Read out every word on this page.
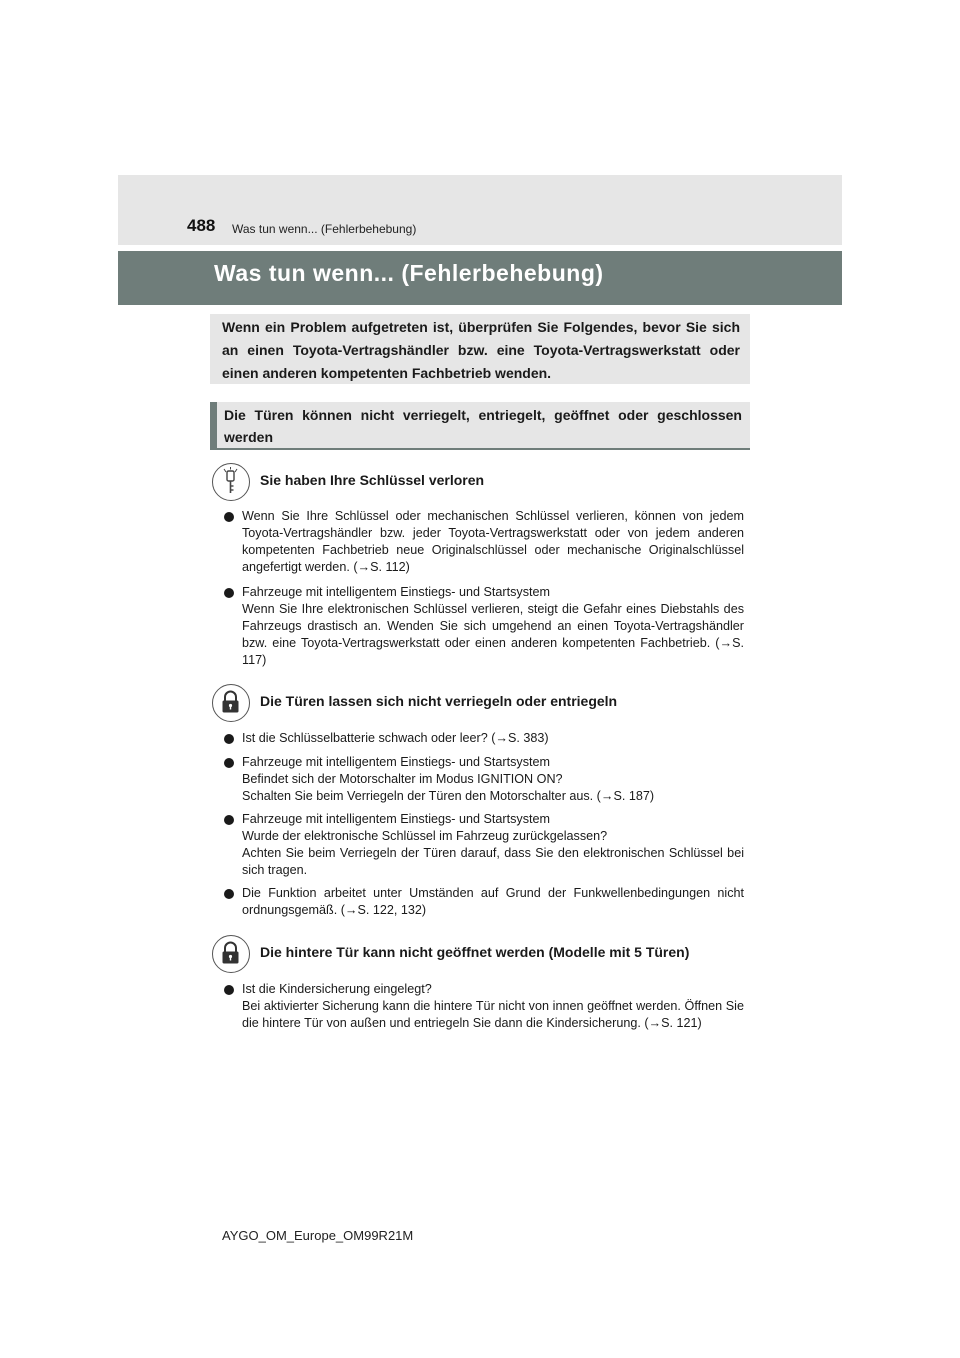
488 Was tun wenn... (Fehlerbehebung)
Was tun wenn... (Fehlerbehebung)
Wenn ein Problem aufgetreten ist, überprüfen Sie Folgendes, bevor Sie sich an einen Toyota-Vertragshändler bzw. eine Toyota-Vertragswerkstatt oder einen anderen kompetenten Fachbetrieb wenden.
Die Türen können nicht verriegelt, entriegelt, geöffnet oder geschlossen werden
Sie haben Ihre Schlüssel verloren
Wenn Sie Ihre Schlüssel oder mechanischen Schlüssel verlieren, können von jedem Toyota-Vertragshändler bzw. jeder Toyota-Vertragswerkstatt oder von jedem anderen kompetenten Fachbetrieb neue Originalschlüssel oder mechanische Originalschlüssel angefertigt werden. (→S. 112)
Fahrzeuge mit intelligentem Einstiegs- und Startsystem
Wenn Sie Ihre elektronischen Schlüssel verlieren, steigt die Gefahr eines Diebstahls des Fahrzeugs drastisch an. Wenden Sie sich umgehend an einen Toyota-Vertragshändler bzw. eine Toyota-Vertragswerkstatt oder einen anderen kompetenten Fachbetrieb. (→S. 117)
Die Türen lassen sich nicht verriegeln oder entriegeln
Ist die Schlüsselbatterie schwach oder leer? (→S. 383)
Fahrzeuge mit intelligentem Einstiegs- und Startsystem
Befindet sich der Motorschalter im Modus IGNITION ON?
Schalten Sie beim Verriegeln der Türen den Motorschalter aus. (→S. 187)
Fahrzeuge mit intelligentem Einstiegs- und Startsystem
Wurde der elektronische Schlüssel im Fahrzeug zurückgelassen?
Achten Sie beim Verriegeln der Türen darauf, dass Sie den elektronischen Schlüssel bei sich tragen.
Die Funktion arbeitet unter Umständen auf Grund der Funkwellenbedingungen nicht ordnungsgemäß. (→S. 122, 132)
Die hintere Tür kann nicht geöffnet werden (Modelle mit 5 Türen)
Ist die Kindersicherung eingelegt?
Bei aktivierter Sicherung kann die hintere Tür nicht von innen geöffnet werden. Öffnen Sie die hintere Tür von außen und entriegeln Sie dann die Kindersicherung. (→S. 121)
AYGO_OM_Europe_OM99R21M
